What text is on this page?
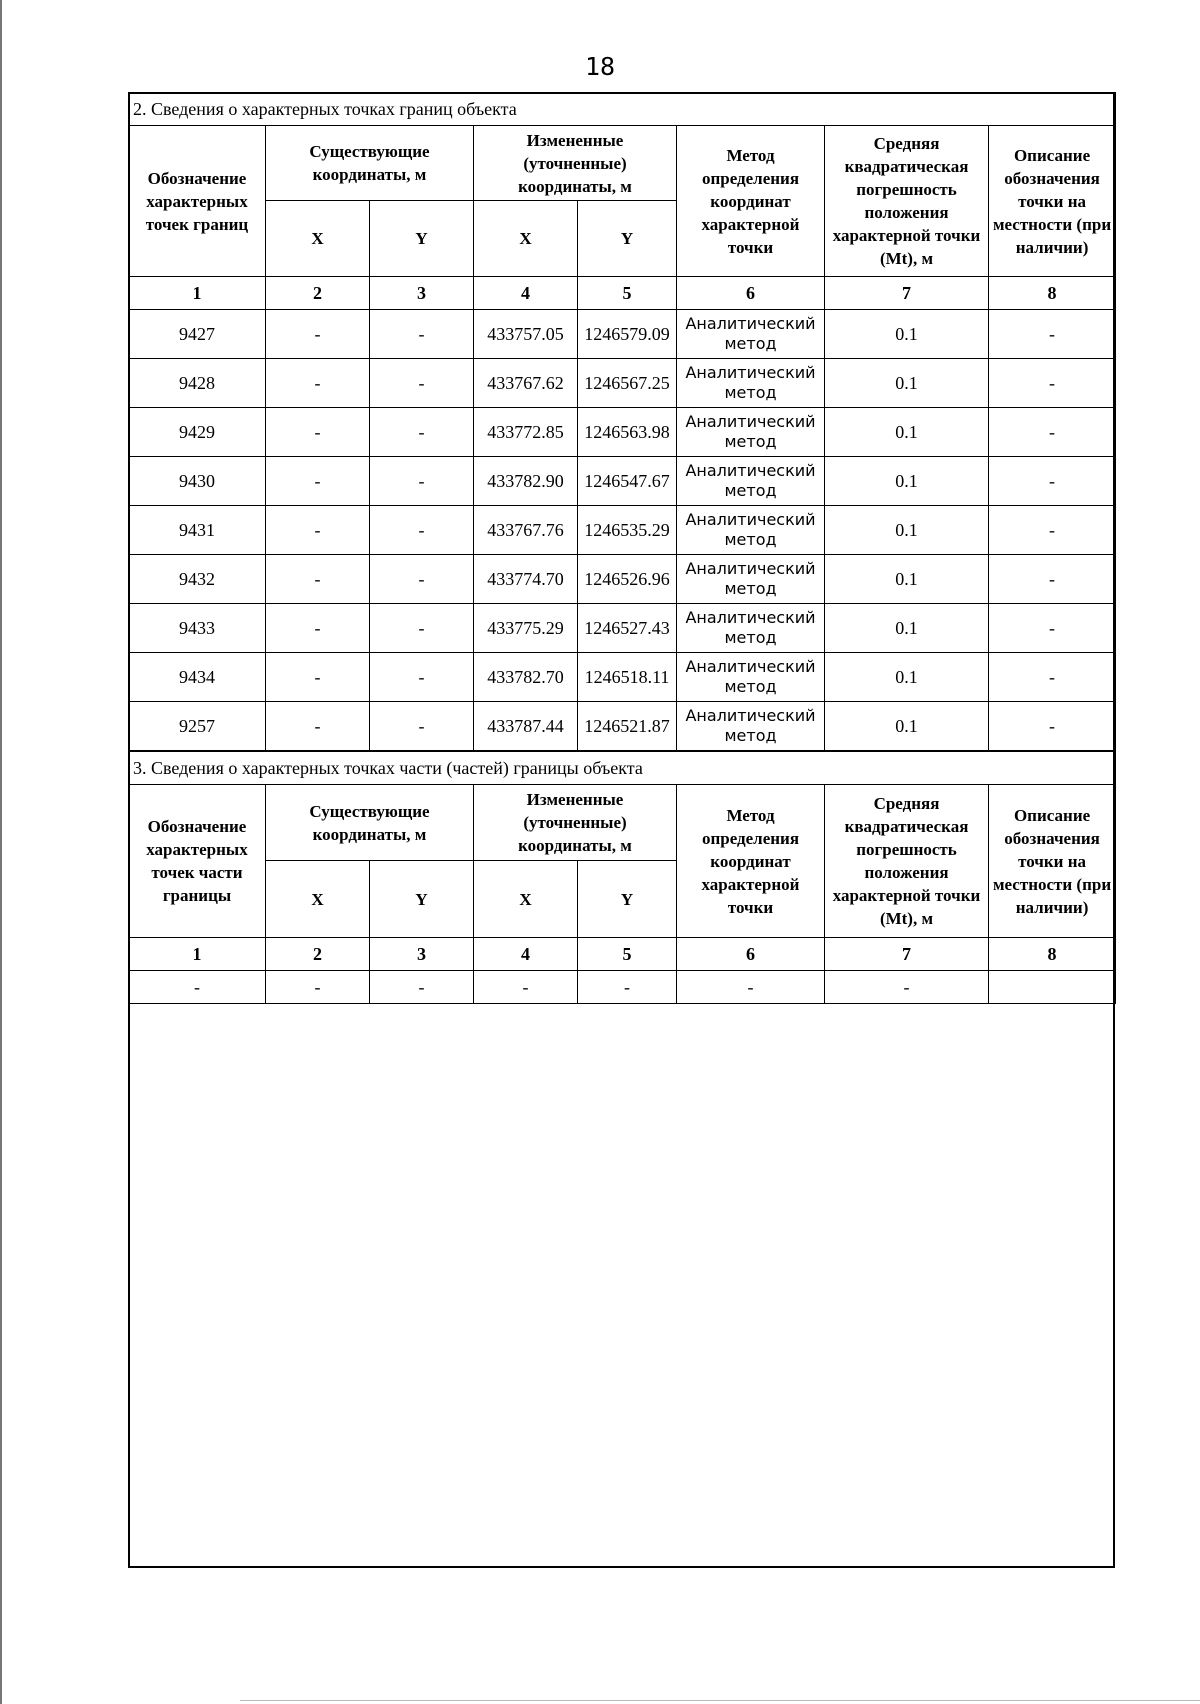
18
2. Сведения о характерных точках границ объекта							
Обозначение характерных точек границ	Существующие координаты, м		Измененные (уточненные) координаты, м		Метод определения координат характерной точки	Средняя квадратическая погрешность положения характерной точки (Mt), м	Описание обозначения точки на местности (при наличии)
	X	Y	X	Y			
1	2	3	4	5	6	7	8
9427	-	-	433757.05	1246579.09	Аналитический метод	0.1	-
9428	-	-	433767.62	1246567.25	Аналитический метод	0.1	-
9429	-	-	433772.85	1246563.98	Аналитический метод	0.1	-
9430	-	-	433782.90	1246547.67	Аналитический метод	0.1	-
9431	-	-	433767.76	1246535.29	Аналитический метод	0.1	-
9432	-	-	433774.70	1246526.96	Аналитический метод	0.1	-
9433	-	-	433775.29	1246527.43	Аналитический метод	0.1	-
9434	-	-	433782.70	1246518.11	Аналитический метод	0.1	-
9257	-	-	433787.44	1246521.87	Аналитический метод	0.1	-
3. Сведения о характерных точках части (частей) границы объекта							
Обозначение характерных точек части границы	Существующие координаты, м		Измененные (уточненные) координаты, м		Метод определения координат характерной точки	Средняя квадратическая погрешность положения характерной точки (Mt), м	Описание обозначения точки на местности (при наличии)
	X	Y	X	Y			
1	2	3	4	5	6	7	8
-	-	-	-	-	-	-	
